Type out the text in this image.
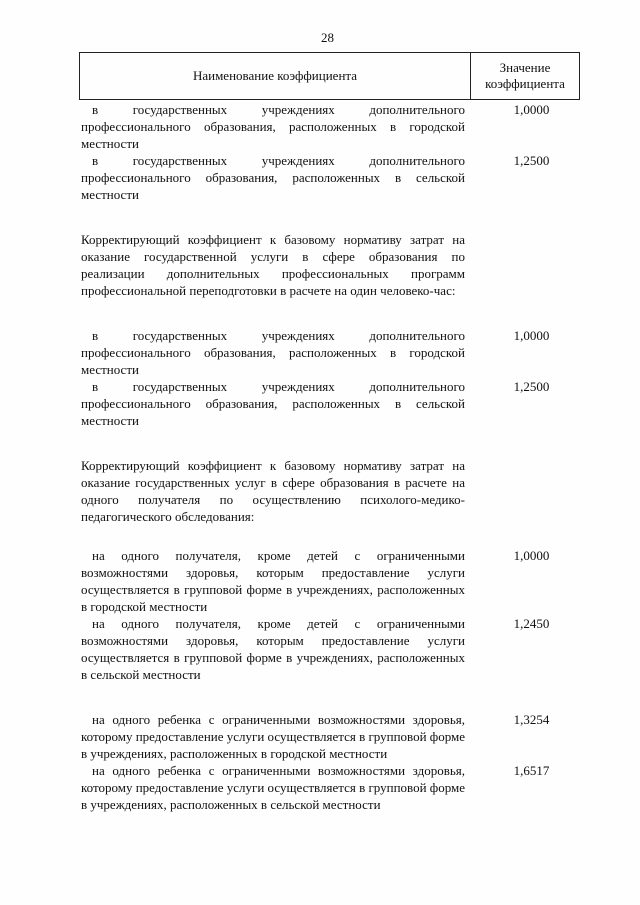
28
Наименование коэффициента
Значение
коэффициента
в государственных учреждениях дополнительного профессионального образования, расположенных в городской местности
1,0000
в государственных учреждениях дополнительного профессионального образования, расположенных в сельской местности
1,2500
Корректирующий коэффициент к базовому нормативу затрат на оказание государственной услуги в сфере образования по реализации дополнительных профессиональных программ профессиональной переподготовки в расчете на один человеко-час:
в государственных учреждениях дополнительного профессионального образования, расположенных в городской местности
1,0000
в государственных учреждениях дополнительного профессионального образования, расположенных в сельской местности
1,2500
Корректирующий коэффициент к базовому нормативу затрат на оказание государственных услуг в сфере образования в расчете на одного получателя по осуществлению психолого-медико-педагогического обследования:
на одного получателя, кроме детей с ограниченными возможностями здоровья, которым предоставление услуги осуществляется в групповой форме в учреждениях, расположенных в городской местности
1,0000
на одного получателя, кроме детей с ограниченными возможностями здоровья, которым предоставление услуги осуществляется в групповой форме в учреждениях, расположенных в сельской местности
1,2450
на одного ребенка с ограниченными возможностями здоровья, которому предоставление услуги осуществляется в групповой форме в учреждениях, расположенных в городской местности
1,3254
на одного ребенка с ограниченными возможностями здоровья, которому предоставление услуги осуществляется в групповой форме в учреждениях, расположенных в сельской местности
1,6517
